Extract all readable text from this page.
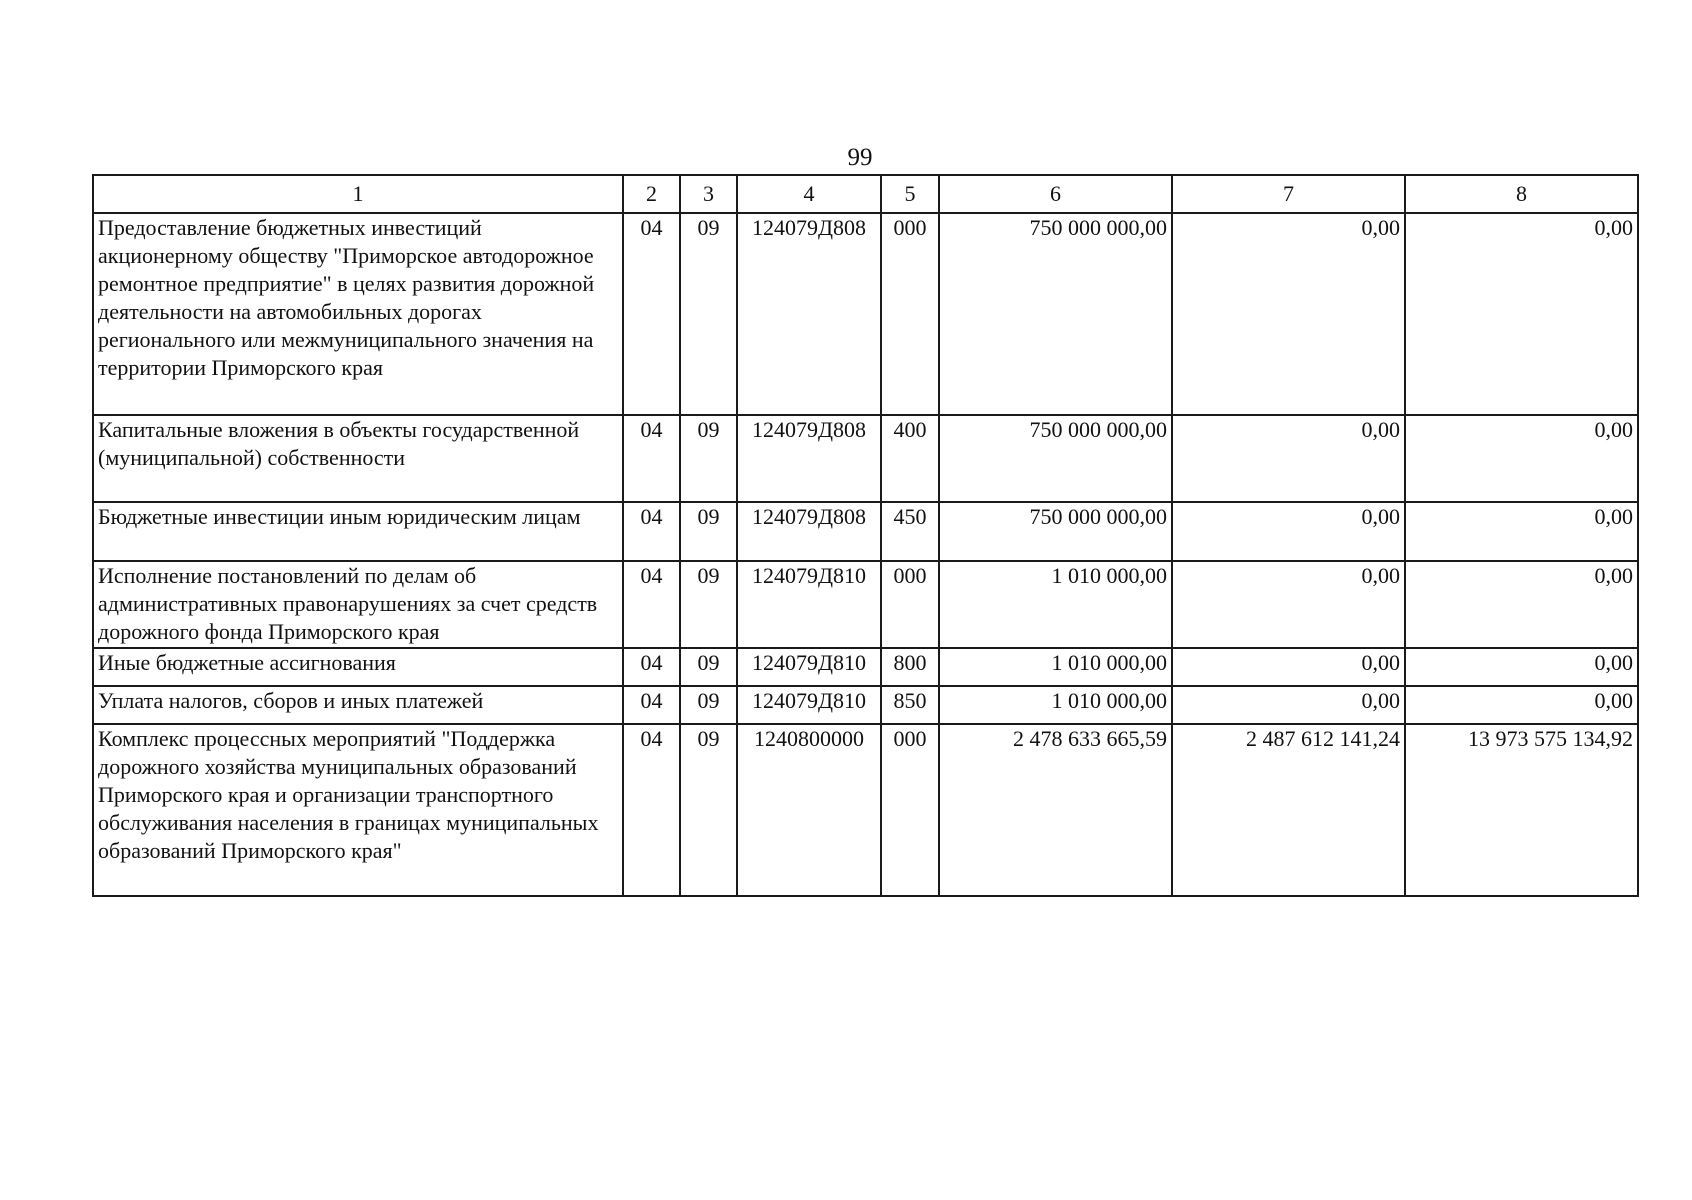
99
1	2	3	4	5	6	7	8
Предоставление бюджетных инвестиций акционерному обществу "Приморское автодорожное ремонтное предприятие" в целях развития дорожной деятельности на автомобильных дорогах регионального или межмуниципального значения на территории Приморского края	04	09	124079Д808	000	750 000 000,00	0,00	0,00
Капитальные вложения в объекты государственной (муниципальной) собственности	04	09	124079Д808	400	750 000 000,00	0,00	0,00
Бюджетные инвестиции иным юридическим лицам	04	09	124079Д808	450	750 000 000,00	0,00	0,00
Исполнение постановлений по делам об административных правонарушениях за счет средств дорожного фонда Приморского края	04	09	124079Д810	000	1 010 000,00	0,00	0,00
Иные бюджетные ассигнования	04	09	124079Д810	800	1 010 000,00	0,00	0,00
Уплата налогов, сборов и иных платежей	04	09	124079Д810	850	1 010 000,00	0,00	0,00
Комплекс процессных мероприятий "Поддержка дорожного хозяйства муниципальных образований Приморского края и организации транспортного обслуживания населения в границах муниципальных образований Приморского края"	04	09	1240800000	000	2 478 633 665,59	2 487 612 141,24	13 973 575 134,92
